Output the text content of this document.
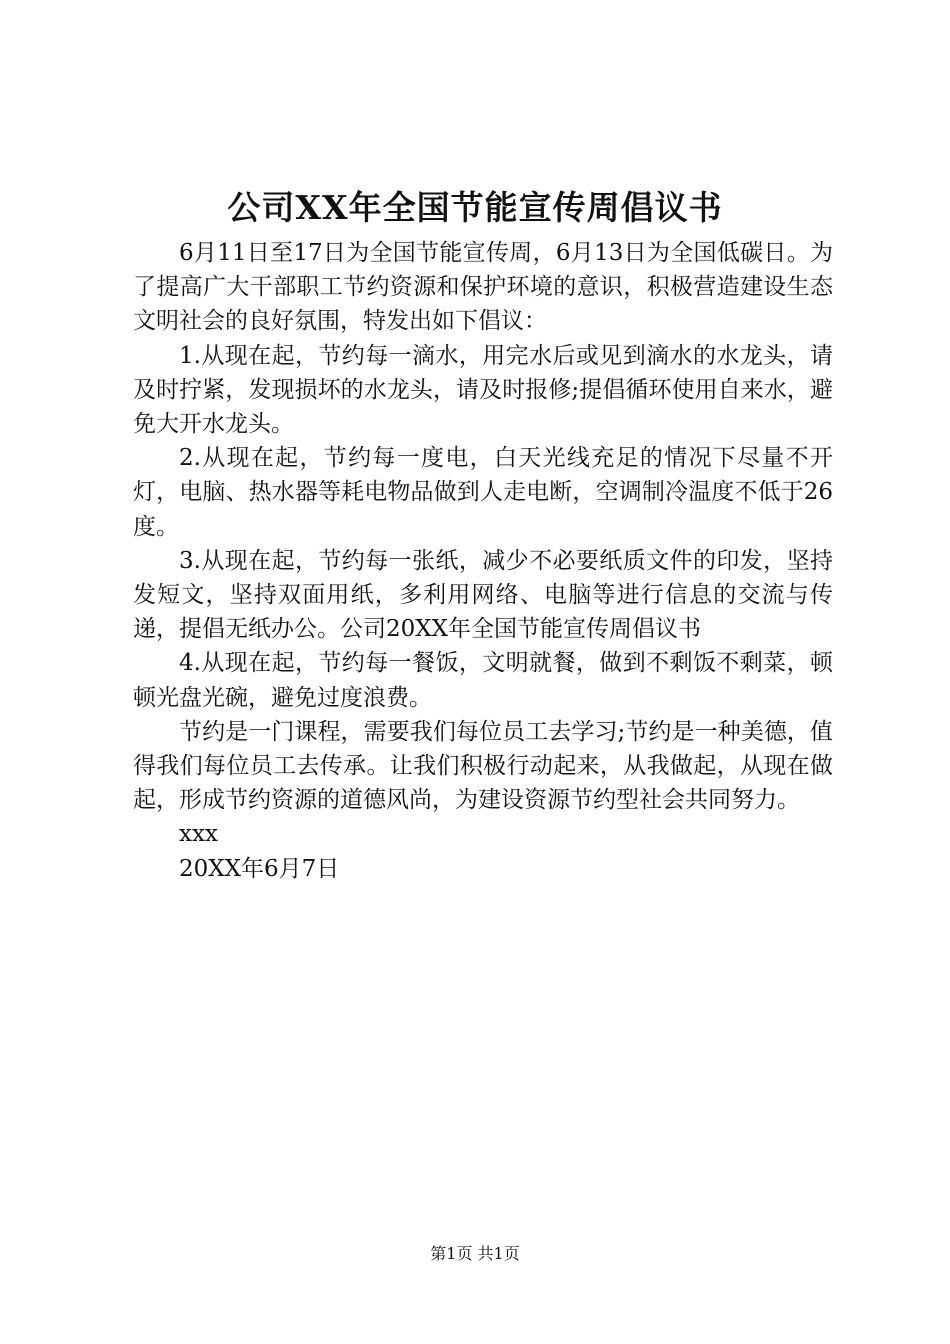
公司XX年全国节能宣传周倡议书

6月11日至17日为全国节能宣传周，6月13日为全国低碳日。为了提高广大干部职工节约资源和保护环境的意识，积极营造建设生态文明社会的良好氛围，特发出如下倡议：

1.从现在起，节约每一滴水，用完水后或见到滴水的水龙头，请及时拧紧，发现损坏的水龙头，请及时报修;提倡循环使用自来水，避免大开水龙头。

2.从现在起，节约每一度电，白天光线充足的情况下尽量不开灯，电脑、热水器等耗电物品做到人走电断，空调制冷温度不低于26度。

3.从现在起，节约每一张纸，减少不必要纸质文件的印发，坚持发短文，坚持双面用纸，多利用网络、电脑等进行信息的交流与传递，提倡无纸办公。公司20XX年全国节能宣传周倡议书

4.从现在起，节约每一餐饭，文明就餐，做到不剩饭不剩菜，顿顿光盘光碗，避免过度浪费。

节约是一门课程，需要我们每位员工去学习;节约是一种美德，值得我们每位员工去传承。让我们积极行动起来，从我做起，从现在做起，形成节约资源的道德风尚，为建设资源节约型社会共同努力。

xxx

20XX年6月7日

第1页 共1页
